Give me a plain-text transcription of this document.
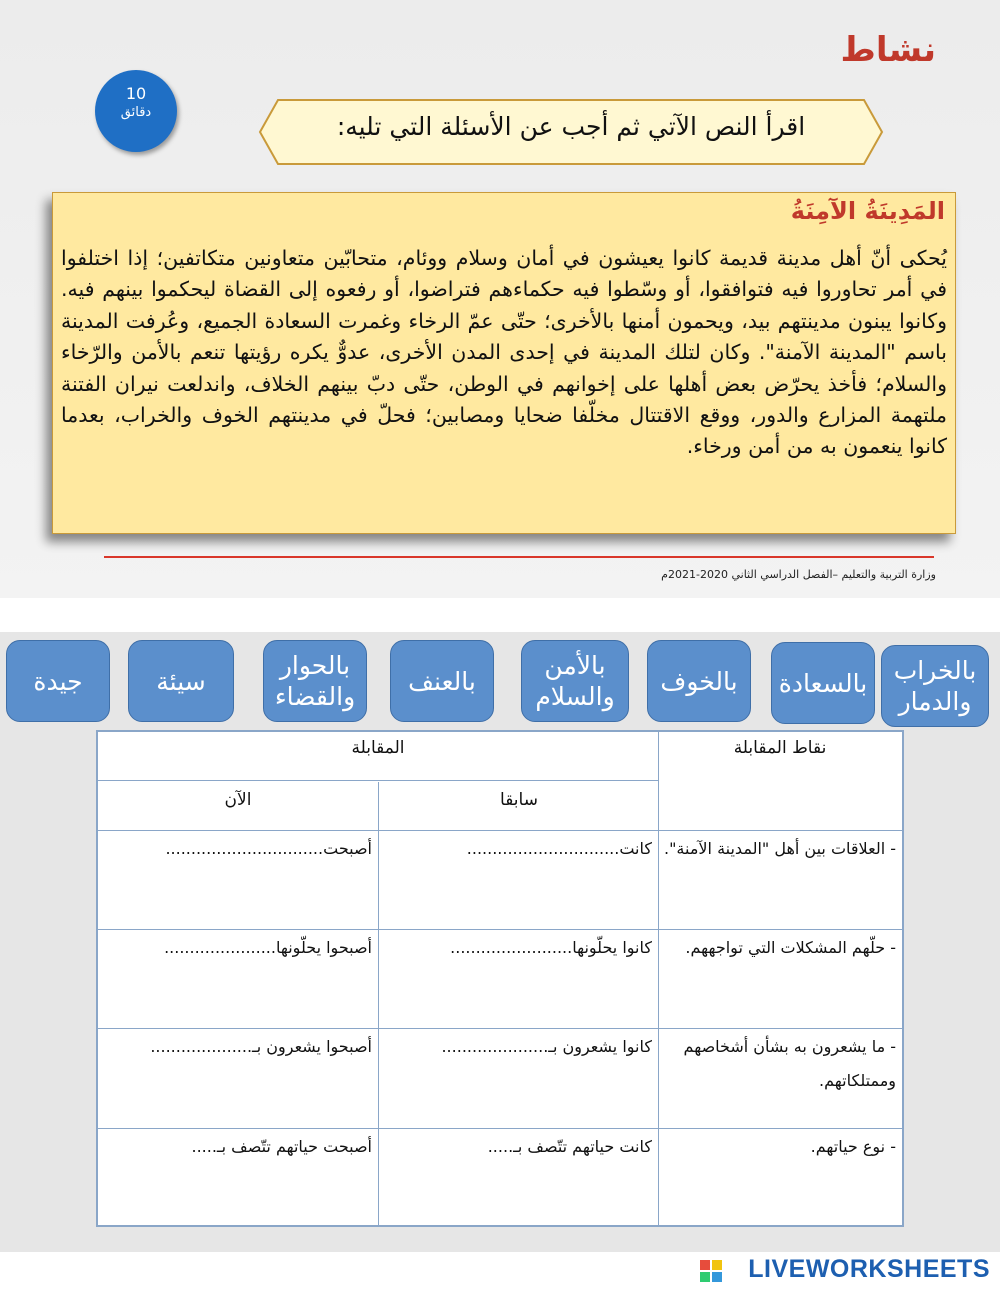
نشاط
10
دقائق	اقرأ النص الآتي ثم أجب عن الأسئلة التي تليه:
المَدِينَةُ الآمِنَةُ
يُحكى أنّ أهل مدينة قديمة كانوا يعيشون في أمان وسلام ووئام، متحابّين متعاونين متكاتفين؛ إذا اختلفوا في أمر تحاوروا فيه فتوافقوا، أو وسّطوا فيه حكماءهم فتراضوا، أو رفعوه إلى القضاة ليحكموا بينهم فيه. وكانوا يبنون مدينتهم بيد، ويحمون أمنها بالأخرى؛ حتّى عمّ الرخاء وغمرت السعادة الجميع، وعُرفت المدينة باسم "المدينة الآمنة". وكان لتلك المدينة في إحدى المدن الأخرى، عدوٌّ يكره رؤيتها تنعم بالأمن والرّخاء والسلام؛ فأخذ يحرّض بعض أهلها على إخوانهم في الوطن، حتّى دبّ بينهم الخلاف، واندلعت نيران الفتنة ملتهمة المزارع والدور، ووقع الاقتتال مخلّفا ضحايا ومصابين؛ فحلّ في مدينتهم الخوف والخراب، بعدما كانوا ينعمون به من أمن ورخاء.
وزارة التربية والتعليم –الفصل الدراسي الثاني 2020-2021م
بالخراب والدمار
بالسعادة
بالخوف
بالأمن والسلام
بالعنف
بالحوار والقضاء
سيئة
جيدة
نقاط المقابلة
المقابلة
سابقا
الآن
- العلاقات بين أهل "المدينة الآمنة".
كانت..............................
أصبحت...............................
- حلّهم المشكلات التي تواجههم.
كانوا يحلّونها........................
أصبحوا يحلّونها......................
- ما يشعرون به بشأن أشخاصهم وممتلكاتهم.
كانوا يشعرون بـ.....................
أصبحوا يشعرون بـ....................
- نوع حياتهم.
كانت حياتهم تتّصف بـ.....
أصبحت حياتهم تتّصف بـ.....
LIVEWORKSHEETS
